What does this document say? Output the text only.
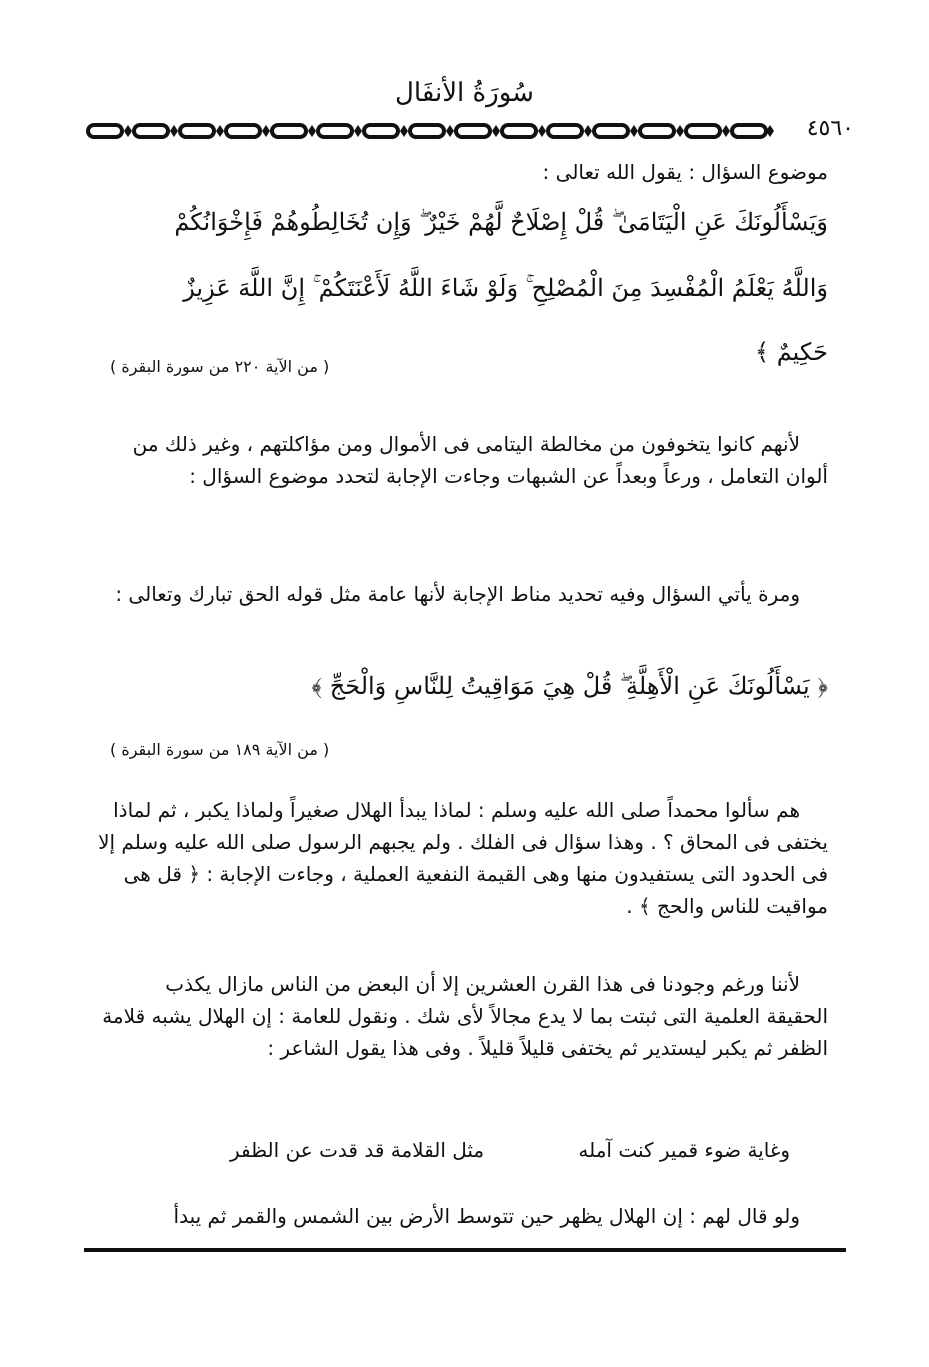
سُورَةُ الأنفَال
٤٥٦٠
موضوع السؤال : يقول الله تعالى :
وَيَسْأَلُونَكَ عَنِ الْيَتَامَىٰ ۖ قُلْ إِصْلَاحٌ لَّهُمْ خَيْرٌ ۖ وَإِن تُخَالِطُوهُمْ فَإِخْوَانُكُمْ
وَاللَّهُ يَعْلَمُ الْمُفْسِدَ مِنَ الْمُصْلِحِ ۚ وَلَوْ شَاءَ اللَّهُ لَأَعْنَتَكُمْ ۚ إِنَّ اللَّهَ عَزِيزٌ
حَكِيمٌ ﴾
( من الآية ٢٢٠ من سورة البقرة )
لأنهم كانوا يتخوفون من مخالطة اليتامى فى الأموال ومن مؤاكلتهم ، وغير ذلك من ألوان التعامل ، ورعاً وبعداً عن الشبهات وجاءت الإجابة لتحدد موضوع السؤال :
ومرة يأتي السؤال وفيه تحديد مناط الإجابة لأنها عامة مثل قوله الحق تبارك وتعالى :
﴿ يَسْأَلُونَكَ عَنِ الْأَهِلَّةِ ۖ قُلْ هِيَ مَوَاقِيتُ لِلنَّاسِ وَالْحَجِّ ﴾
( من الآية ١٨٩ من سورة البقرة )
هم سألوا محمداً صلى الله عليه وسلم : لماذا يبدأ الهلال صغيراً ولماذا يكبر ، ثم لماذا يختفى فى المحاق ؟ . وهذا سؤال فى الفلك . ولم يجبهم الرسول صلى الله عليه وسلم إلا فى الحدود التى يستفيدون منها وهى القيمة النفعية العملية ، وجاءت الإجابة : ﴿ قل هى مواقيت للناس والحج ﴾ .
لأننا ورغم وجودنا فى هذا القرن العشرين إلا أن البعض من الناس مازال يكذب الحقيقة العلمية التى ثبتت بما لا يدع مجالاً لأى شك . ونقول للعامة : إن الهلال يشبه قلامة الظفر ثم يكبر ليستدير ثم يختفى قليلاً قليلاً . وفى هذا يقول الشاعر :
وغاية ضوء قمير كنت آمله
مثل القلامة قد قدت عن الظفر
ولو قال لهم : إن الهلال يظهر حين تتوسط الأرض بين الشمس والقمر ثم يبدأ
